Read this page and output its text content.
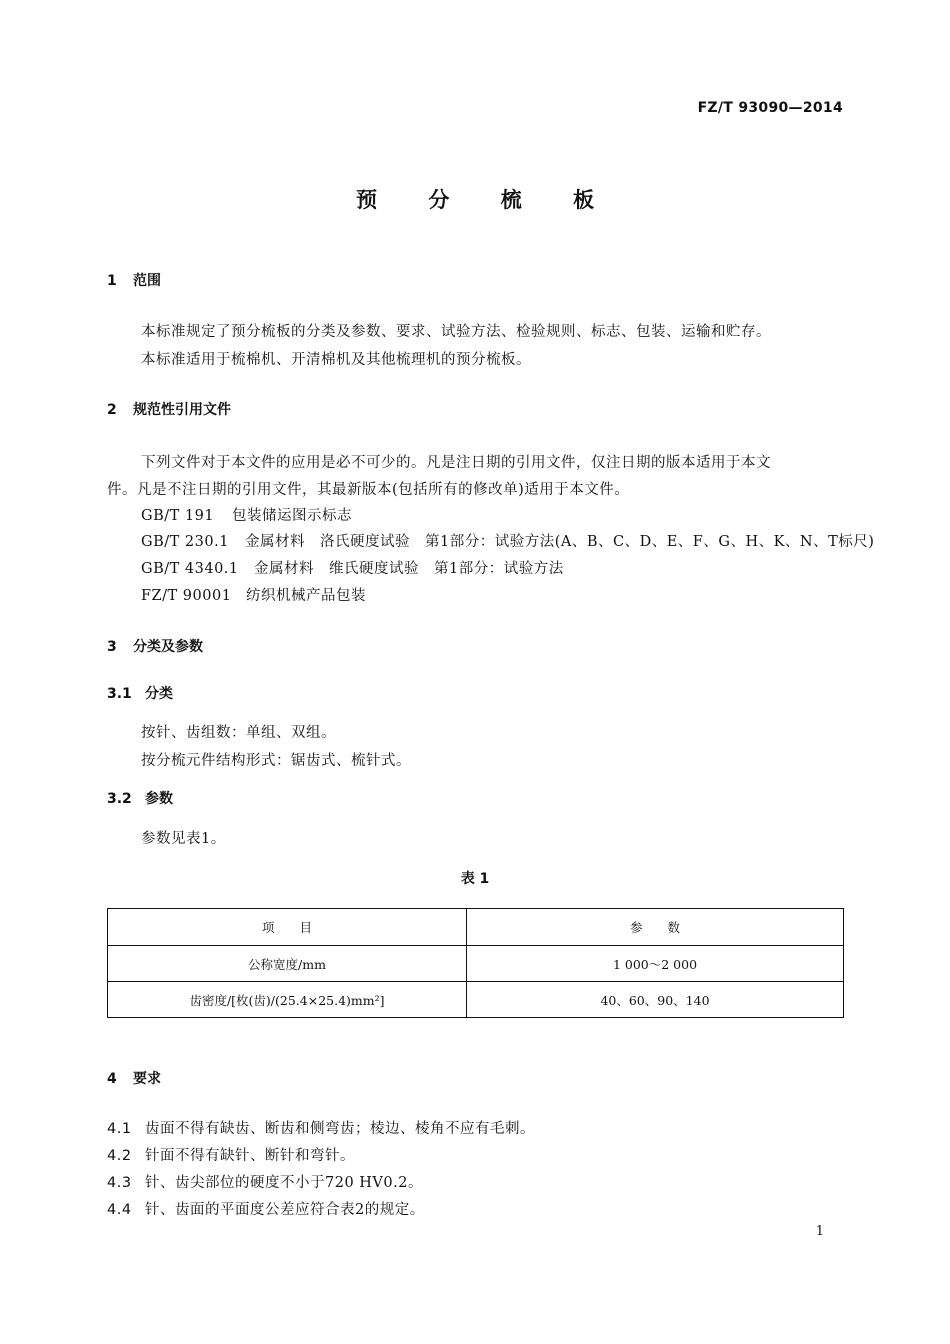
FZ/T 93090—2014
预 分 梳 板
1 范围
本标准规定了预分梳板的分类及参数、要求、试验方法、检验规则、标志、包装、运输和贮存。
本标准适用于梳棉机、开清棉机及其他梳理机的预分梳板。
2 规范性引用文件
下列文件对于本文件的应用是必不可少的。凡是注日期的引用文件，仅注日期的版本适用于本文
件。凡是不注日期的引用文件，其最新版本(包括所有的修改单)适用于本文件。
GB/T 191 包装储运图示标志
GB/T 230.1 金属材料　洛氏硬度试验　第1部分：试验方法(A、B、C、D、E、F、G、H、K、N、T标尺)
GB/T 4340.1 金属材料　维氏硬度试验　第1部分：试验方法
FZ/T 90001 纺织机械产品包装
3 分类及参数
3.1 分类
按针、齿组数：单组、双组。
按分梳元件结构形式：锯齿式、梳针式。
3.2 参数
参数见表1。
表 1
项　　目	参　　数
公称宽度/mm	1 000～2 000
齿密度/[枚(齿)/(25.4×25.4)mm²]	40、60、90、140
4 要求
4.1 齿面不得有缺齿、断齿和侧弯齿；棱边、棱角不应有毛刺。
4.2 针面不得有缺针、断针和弯针。
4.3 针、齿尖部位的硬度不小于720 HV0.2。
4.4 针、齿面的平面度公差应符合表2的规定。
1
